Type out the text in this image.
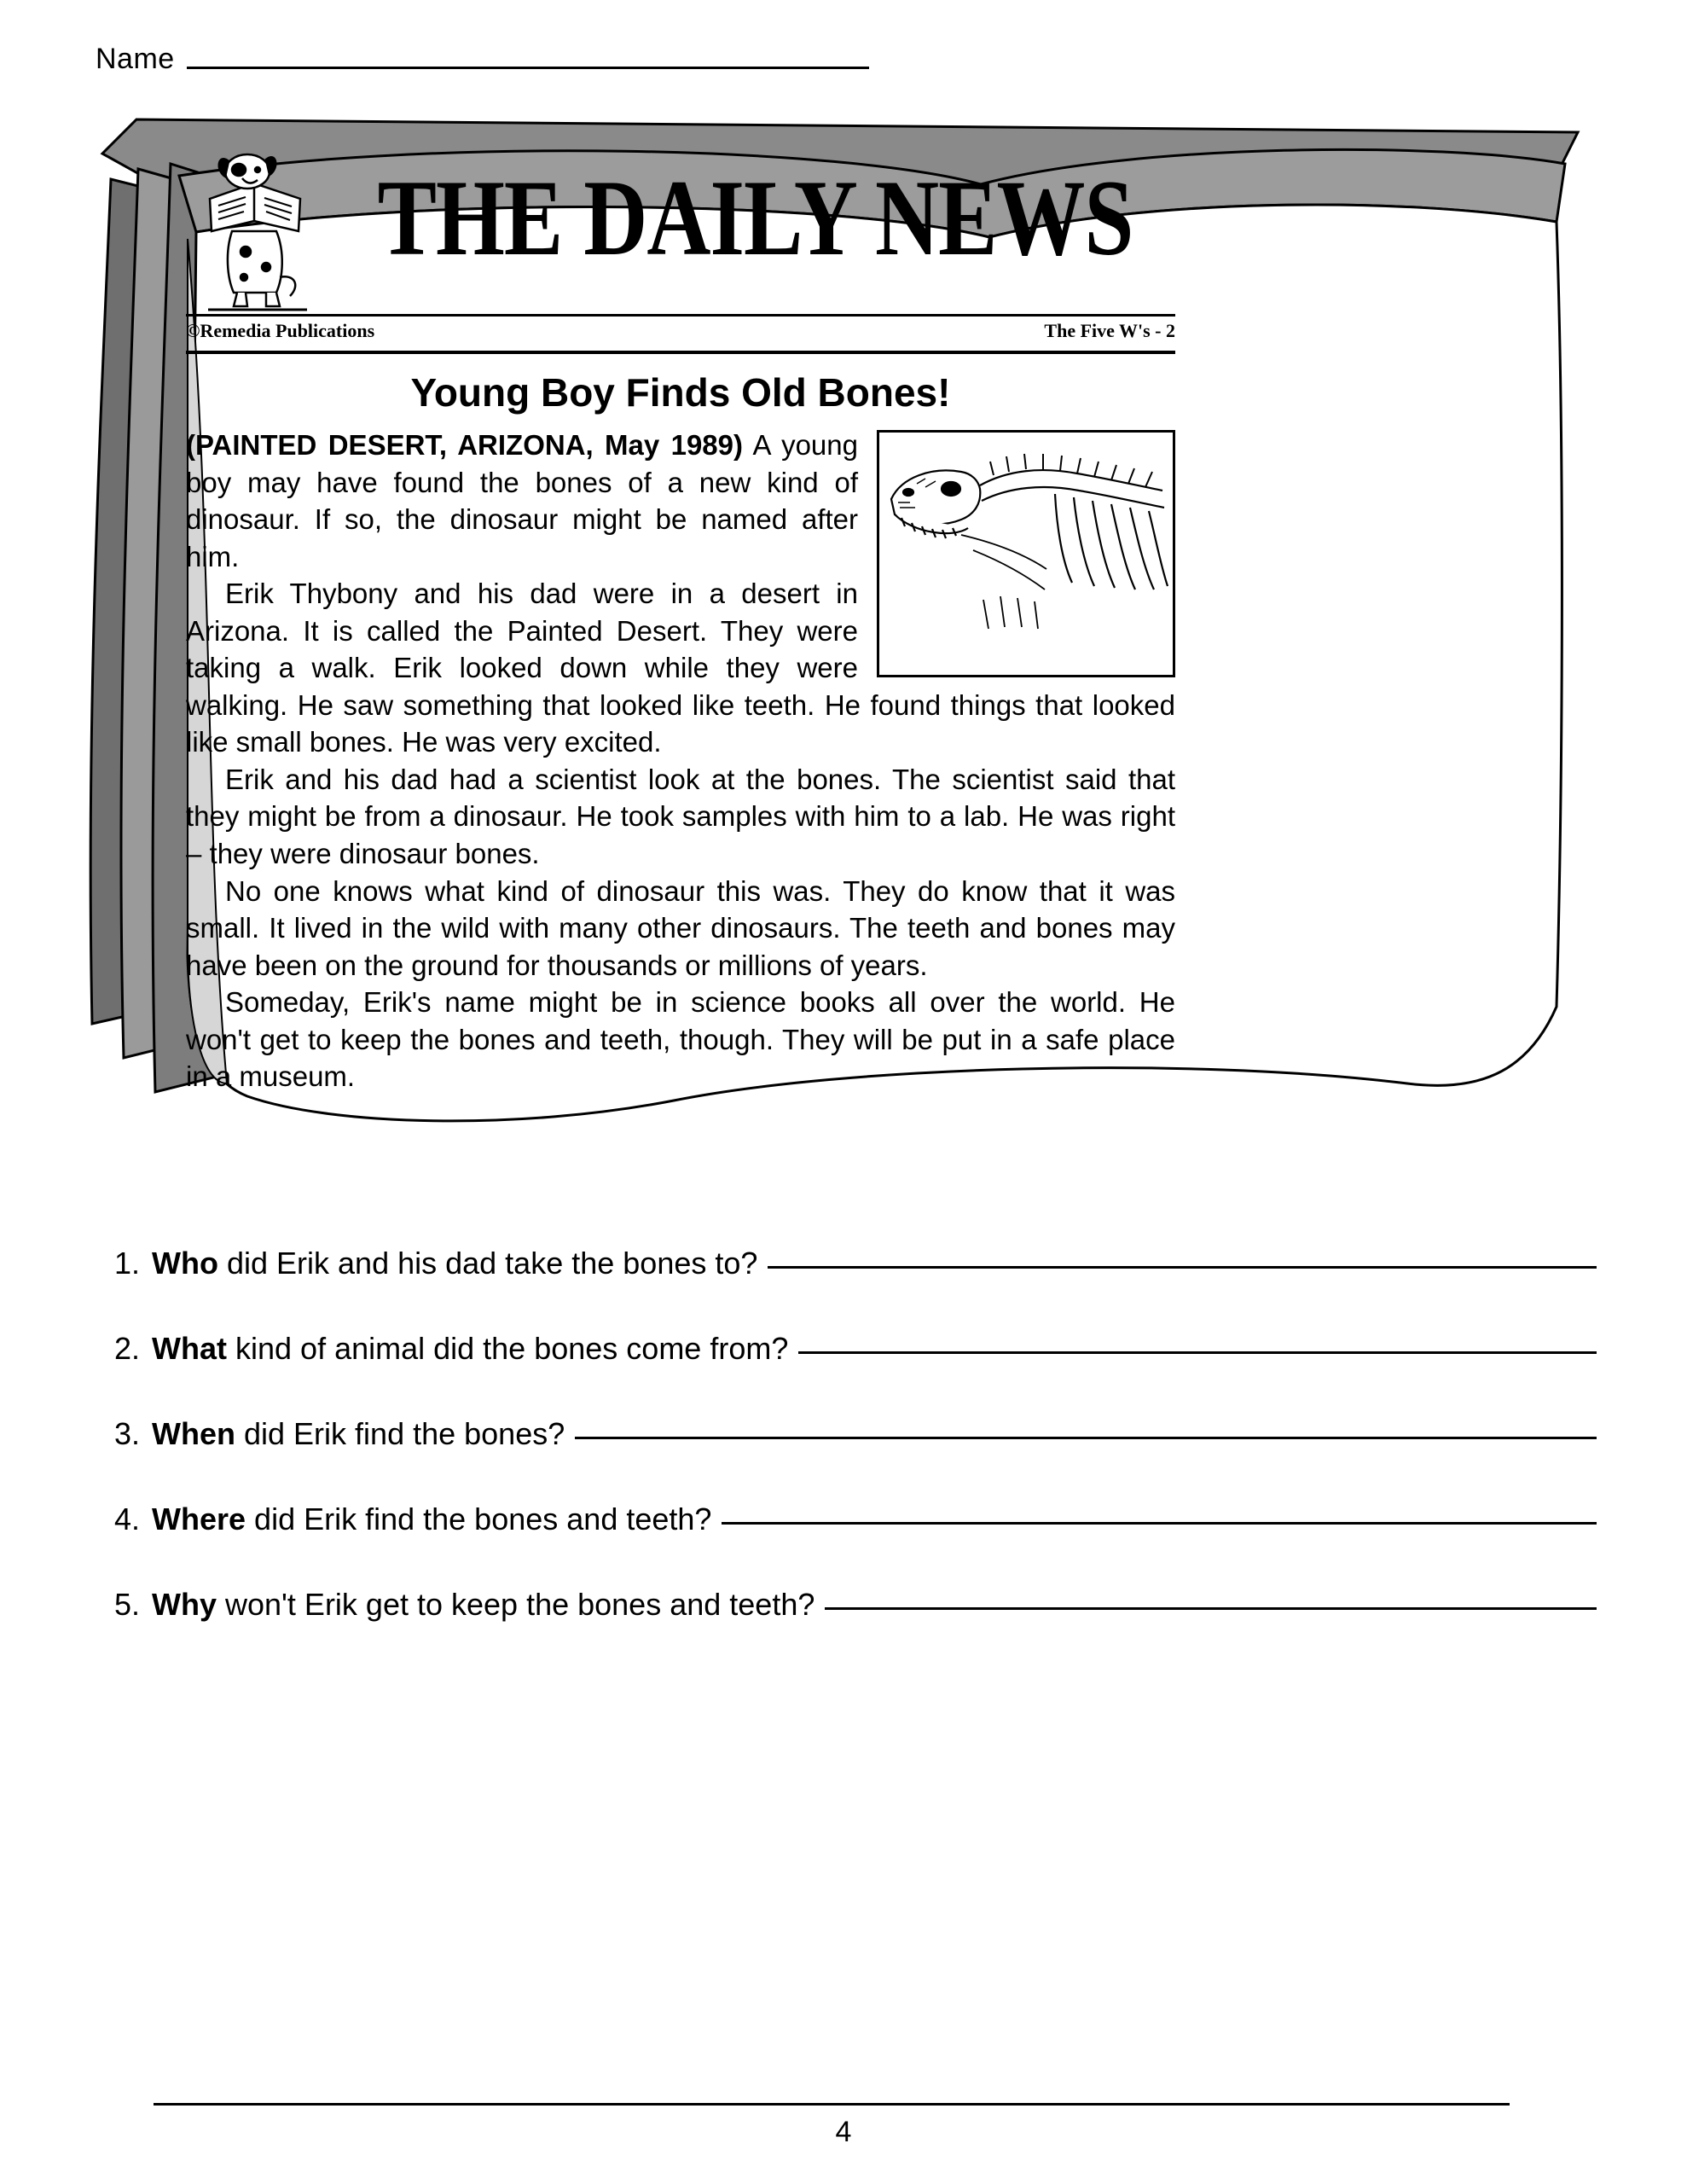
Name
THE DAILY NEWS
©Remedia Publications	The Five W's - 2
Young Boy Finds Old Bones!

(PAINTED DESERT, ARIZONA, May 1989) A young boy may have found the bones of a new kind of dinosaur. If so, the dinosaur might be named after him.

Erik Thybony and his dad were in a desert in Arizona. It is called the Painted Desert. They were taking a walk. Erik looked down while they were walking. He saw something that looked like teeth. He found things that looked like small bones. He was very excited.

Erik and his dad had a scientist look at the bones. The scientist said that they might be from a dinosaur. He took samples with him to a lab. He was right – they were dinosaur bones.

No one knows what kind of dinosaur this was. They do know that it was small. It lived in the wild with many other dinosaurs. The teeth and bones may have been on the ground for thousands or millions of years.

Someday, Erik's name might be in science books all over the world. He won't get to keep the bones and teeth, though. They will be put in a safe place in a museum.

1. Who did Erik and his dad take the bones to?
2. What kind of animal did the bones come from?
3. When did Erik find the bones?
4. Where did Erik find the bones and teeth?
5. Why won't Erik get to keep the bones and teeth?
4
